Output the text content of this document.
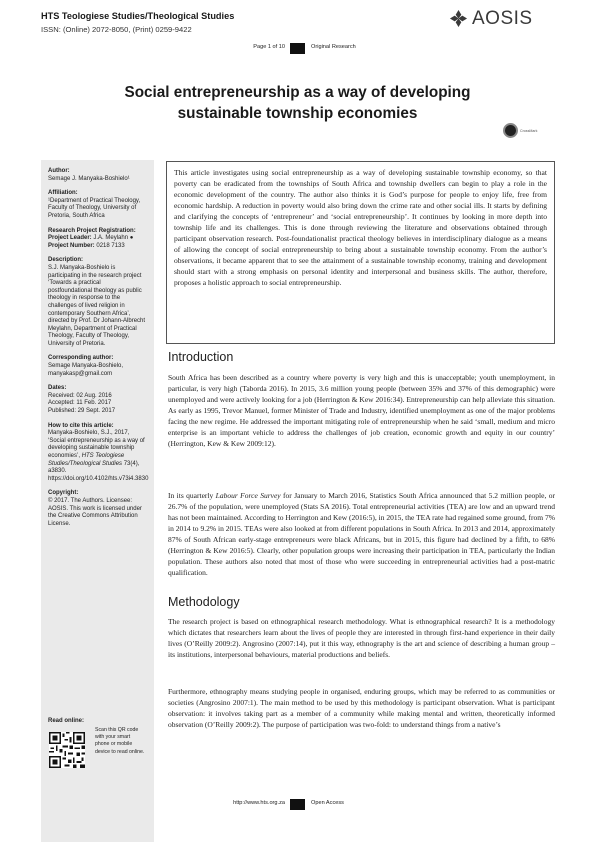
HTS Teologiese Studies/Theological Studies
ISSN: (Online) 2072-8050, (Print) 0259-9422
AOSIS
Page 1 of 10	Original Research
Social entrepreneurship as a way of developing
sustainable township economies
CrossMark
Author:
Semage J. Manyaka-Boshielo¹
Affiliation:
¹Department of Practical Theology, Faculty of Theology, University of Pretoria, South Africa
Research Project Registration:
Project Leader: J.A. Meylahn ●
Project Number: 0218 7133
Description:
S.J. Manyaka-Boshielo is participating in the research project ‘Towards a practical postfoundational theology as public theology in response to the challenges of lived religion in contemporary Southern Africa’, directed by Prof. Dr Johann-Albrecht Meylahn, Department of Practical Theology, Faculty of Theology, University of Pretoria.
Corresponding author:
Semage Manyaka-Boshielo, manyakasp@gmail.com
Dates:
Received: 02 Aug. 2016
Accepted: 11 Feb. 2017
Published: 29 Sept. 2017
How to cite this article:
Manyaka-Boshielo, S.J., 2017, ‘Social entrepreneurship as a way of developing sustainable township economies’, HTS Teologiese Studies/Theological Studies 73(4), a3830. https://doi.org/10.4102/hts.v73i4.3830
Copyright:
© 2017. The Authors. Licensee: AOSIS. This work is licensed under the Creative Commons Attribution License.
Read online:
Scan this QR code with your smart phone or mobile device to read online.
This article investigates using social entrepreneurship as a way of developing sustainable township economy, so that poverty can be eradicated from the townships of South Africa and township dwellers can begin to play a role in the economic development of the country. The author also thinks it is God’s purpose for people to enjoy life, free from economic hardship. A reduction in poverty would also bring down the crime rate and other social ills. It starts by defining and clarifying the concepts of ‘entrepreneur’ and ‘social entrepreneurship’. It continues by looking in more depth into township life and its challenges. This is done through reviewing the literature and observations obtained through participant observation research. Post-foundationalist practical theology believes in interdisciplinary dialogue as a means of allowing the concept of social entrepreneurship to bring about a sustainable township economy. From the author’s observations, it became apparent that to see the attainment of a sustainable township economy, training and development should start with a strong emphasis on personal identity and interpersonal and business skills. The author, therefore, proposes a holistic approach to social entrepreneurship.
Introduction
South Africa has been described as a country where poverty is very high and this is unacceptable; youth unemployment, in particular, is very high (Taborda 2016). In 2015, 3.6 million young people (between 35% and 37% of this demographic) were unemployed and were actively looking for a job (Herrington & Kew 2016:34). Entrepreneurship can help alleviate this situation. As early as 1995, Trevor Manuel, former Minister of Trade and Industry, identified unemployment as one of the major problems facing the new regime. He addressed the important mitigating role of entrepreneurship when he said ‘small, medium and micro enterprise is an important vehicle to address the challenges of job creation, economic growth and equity in our country’ (Herrington, Kew & Kew 2009:12).
In its quarterly Labour Force Survey for January to March 2016, Statistics South Africa announced that 5.2 million people, or 26.7% of the population, were unemployed (Stats SA 2016). Total entrepreneurial activities (TEA) are low and an upward trend has not been maintained. According to Herrington and Kew (2016:5), in 2015, the TEA rate had regained some ground, from 7% in 2014 to 9.2% in 2015. TEAs were also looked at from different populations in South Africa. In 2013 and 2014, approximately 87% of South African early-stage entrepreneurs were black Africans, but in 2015, this figure had declined by a fifth, to 68% (Herrington & Kew 2016:5). Clearly, other population groups were increasing their participation in TEA, particularly the Indian population. These authors also noted that most of those who were succeeding in entrepreneurial activities had a post-matric qualification.
Methodology
The research project is based on ethnographical research methodology. What is ethnographical research? It is a methodology which dictates that researchers learn about the lives of people they are interested in through first-hand experience in their daily lives (O’Reilly 2009:2). Angrosino (2007:14), put it this way, ethnography is the art and science of describing a human group – its institutions, interpersonal behaviours, material productions and beliefs.
Furthermore, ethnography means studying people in organised, enduring groups, which may be referred to as communities or societies (Angrosino 2007:1). The main method to be used by this methodology is participant observation. What is participant observation: it involves taking part as a member of a community while making mental and written, theoretically informed observation (O’Reilly 2009:2). The purpose of participation was two-fold: to understand things from a native’s
http://www.hts.org.za	Open Access
